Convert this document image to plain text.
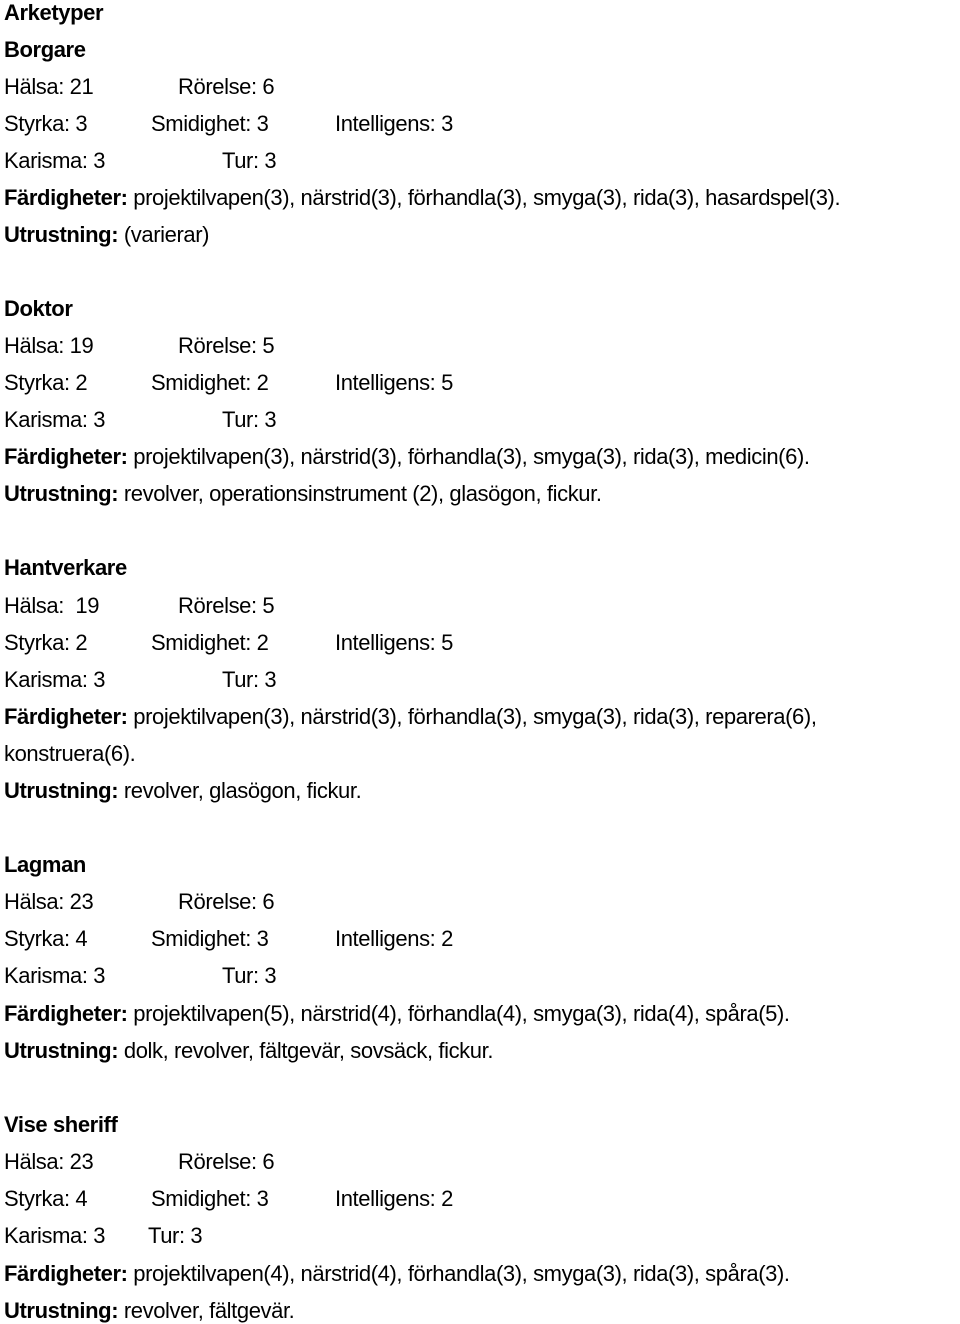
Arketyper
Borgare
Hälsa: 21	Rörelse: 6
Styrka: 3	Smidighet: 3	Intelligens: 3
Karisma: 3	Tur: 3
Färdigheter: projektilvapen(3), närstrid(3), förhandla(3), smyga(3), rida(3), hasardspel(3).
Utrustning: (varierar)
Doktor
Hälsa: 19	Rörelse: 5
Styrka: 2	Smidighet: 2	Intelligens: 5
Karisma: 3	Tur: 3
Färdigheter: projektilvapen(3), närstrid(3), förhandla(3), smyga(3), rida(3), medicin(6).
Utrustning: revolver, operationsinstrument (2), glasögon, fickur.
Hantverkare
Hälsa:  19	Rörelse: 5
Styrka: 2	Smidighet: 2	Intelligens: 5
Karisma: 3	Tur: 3
Färdigheter: projektilvapen(3), närstrid(3), förhandla(3), smyga(3), rida(3), reparera(6),
konstruera(6).
Utrustning: revolver, glasögon, fickur.
Lagman
Hälsa: 23	Rörelse: 6
Styrka: 4	Smidighet: 3	Intelligens: 2
Karisma: 3	Tur: 3
Färdigheter: projektilvapen(5), närstrid(4), förhandla(4), smyga(3), rida(4), spåra(5).
Utrustning: dolk, revolver, fältgevär, sovsäck, fickur.
Vise sheriff
Hälsa: 23	Rörelse: 6
Styrka: 4	Smidighet: 3	Intelligens: 2
Karisma: 3 Tur: 3
Färdigheter: projektilvapen(4), närstrid(4), förhandla(3), smyga(3), rida(3), spåra(3).
Utrustning: revolver, fältgevär.
